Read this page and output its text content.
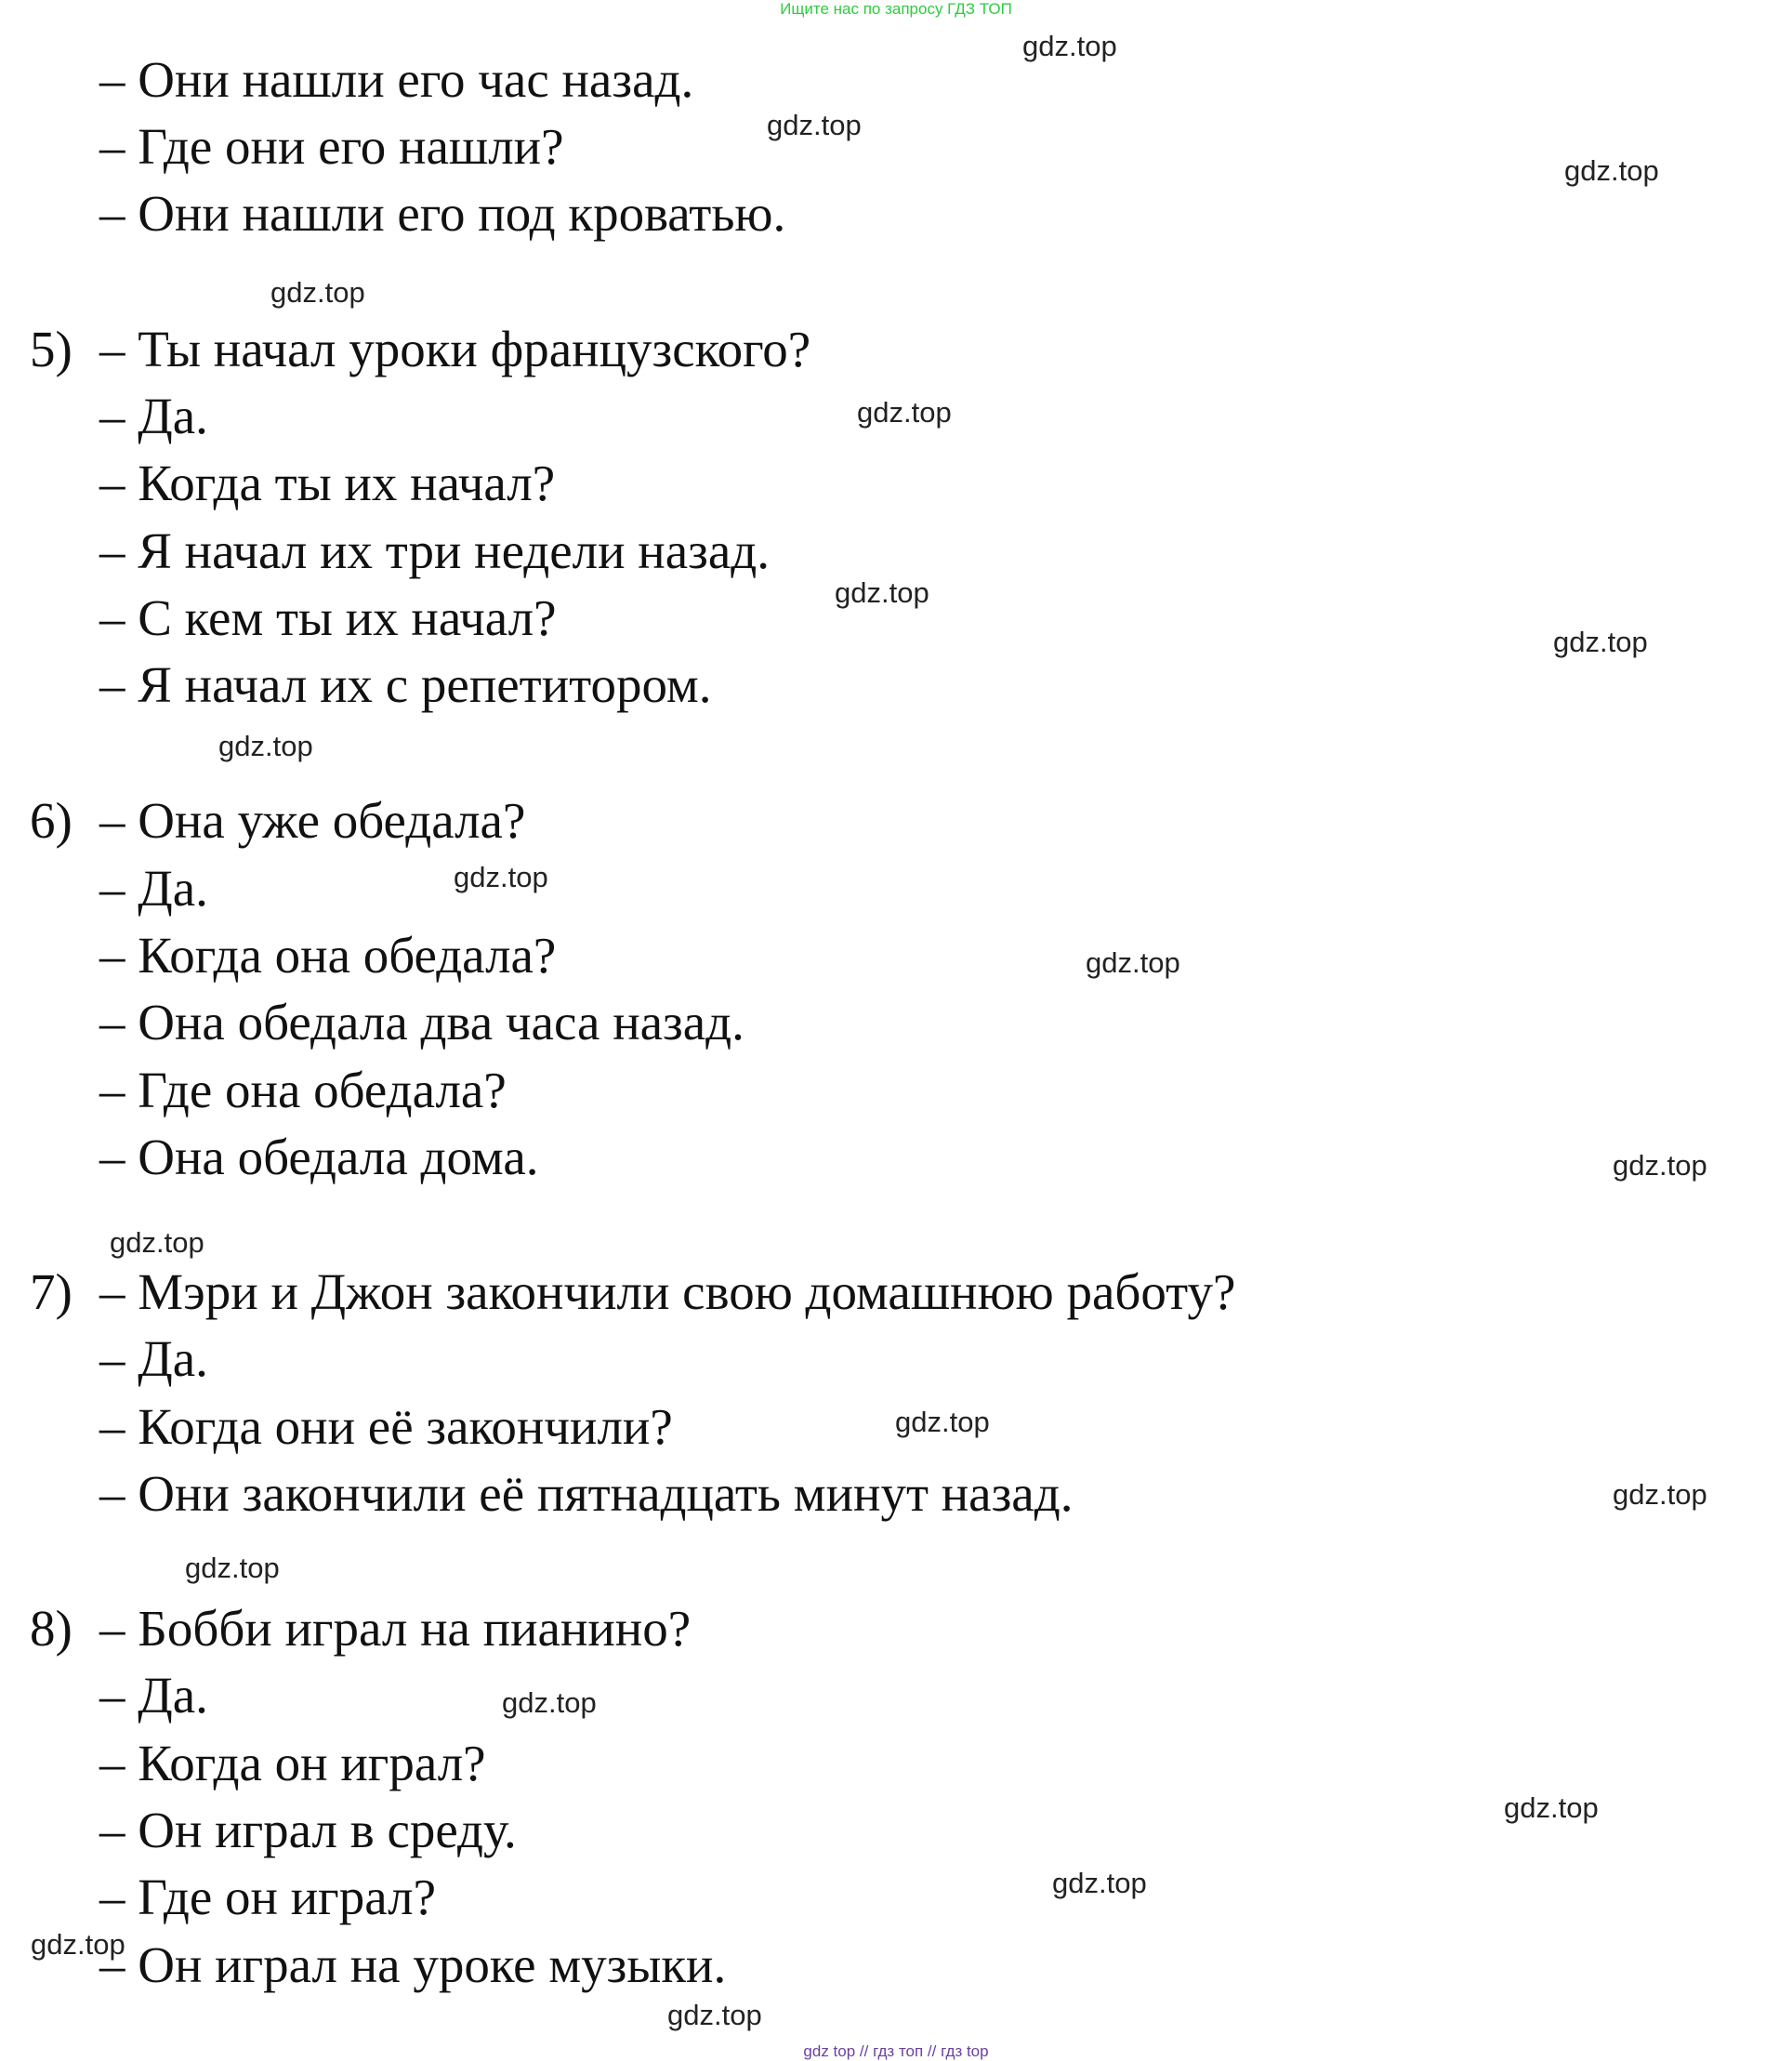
Ищите нас по запросу ГДЗ ТОП
– Они нашли его час назад.
– Где они его нашли?
– Они нашли его под кроватью.
5) – Ты начал уроки французского?
– Да.
– Когда ты их начал?
– Я начал их три недели назад.
– С кем ты их начал?
– Я начал их с репетитором.
6) – Она уже обедала?
– Да.
– Когда она обедала?
– Она обедала два часа назад.
– Где она обедала?
– Она обедала дома.
7) – Мэри и Джон закончили свою домашнюю работу?
– Да.
– Когда они её закончили?
– Они закончили её пятнадцать минут назад.
8) – Бобби играл на пианино?
– Да.
– Когда он играл?
– Он играл в среду.
– Где он играл?
– Он играл на уроке музыки.
gdz.top
gdz.top
gdz.top
gdz.top
gdz.top
gdz.top
gdz.top
gdz.top
gdz.top
gdz.top
gdz.top
gdz.top
gdz.top
gdz.top
gdz.top
gdz.top
gdz.top
gdz.top
gdz.top
gdz.top
gdz top // гдз топ // гдз top
